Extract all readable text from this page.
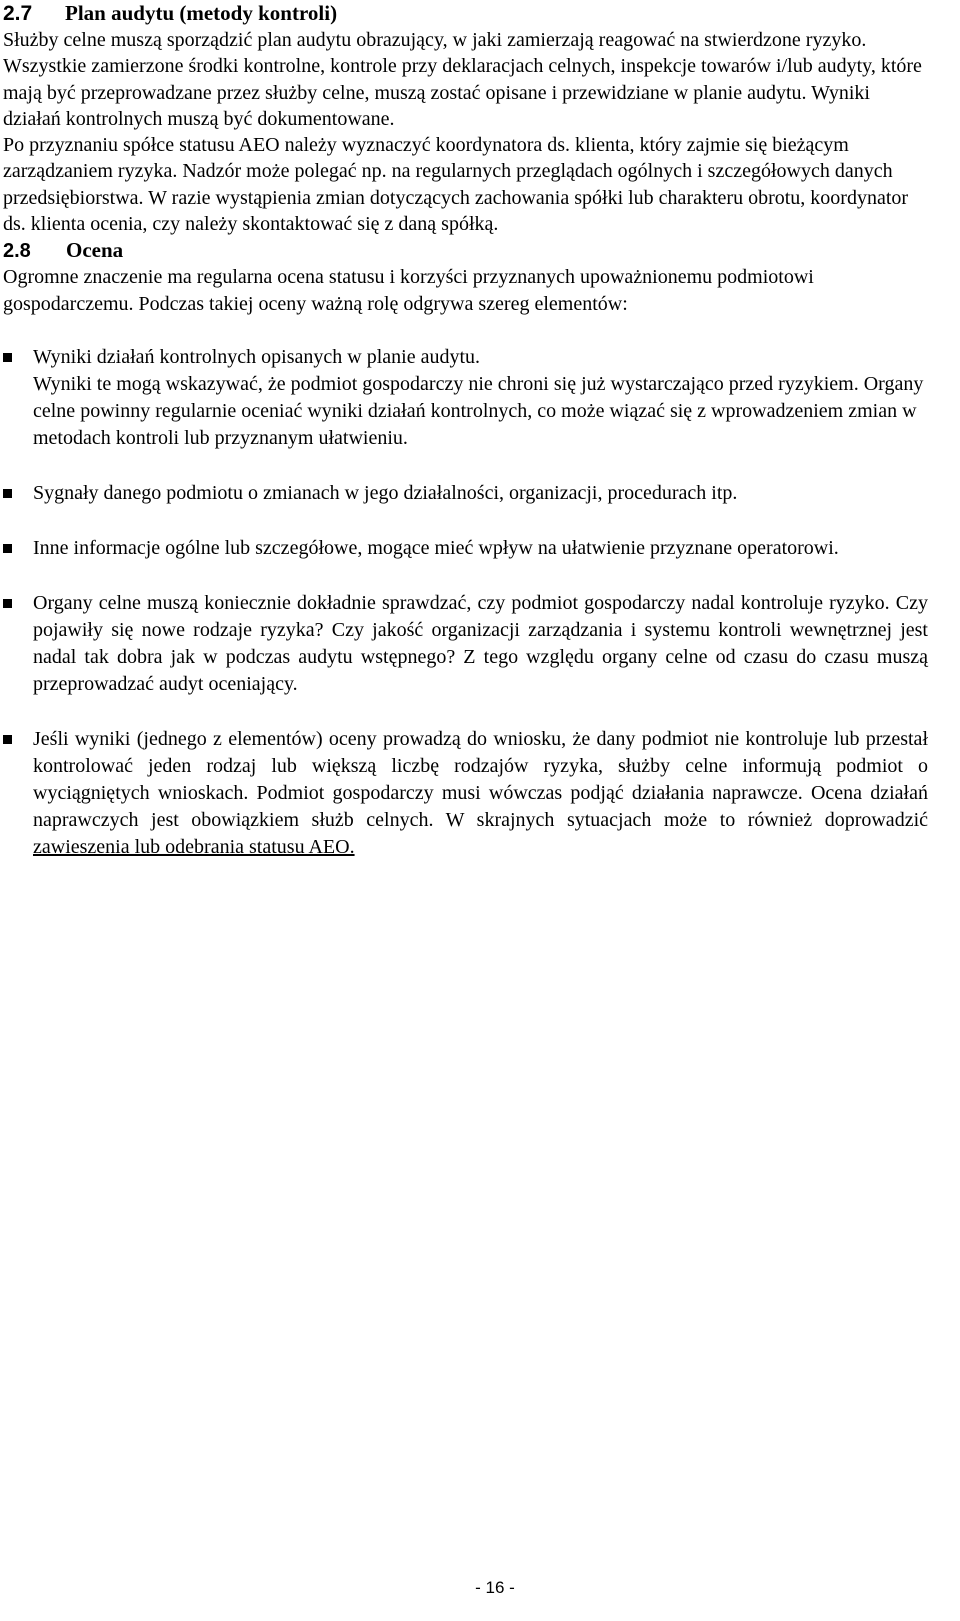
2.7 Plan audytu (metody kontroli)

Służby celne muszą sporządzić plan audytu obrazujący, w jaki zamierzają reagować na stwierdzone ryzyko. Wszystkie zamierzone środki kontrolne, kontrole przy deklaracjach celnych, inspekcje towarów i/lub audyty, które mają być przeprowadzane przez służby celne, muszą zostać opisane i przewidziane w planie audytu. Wyniki działań kontrolnych muszą być dokumentowane.

Po przyznaniu spółce statusu AEO należy wyznaczyć koordynatora ds. klienta, który zajmie się bieżącym zarządzaniem ryzyka. Nadzór może polegać np. na regularnych przeglądach ogólnych i szczegółowych danych przedsiębiorstwa. W razie wystąpienia zmian dotyczących zachowania spółki lub charakteru obrotu, koordynator ds. klienta ocenia, czy należy skontaktować się z daną spółką.

2.8 Ocena

Ogromne znaczenie ma regularna ocena statusu i korzyści przyznanych upoważnionemu podmiotowi gospodarczemu. Podczas takiej oceny ważną rolę odgrywa szereg elementów:

Wyniki działań kontrolnych opisanych w planie audytu.
Wyniki te mogą wskazywać, że podmiot gospodarczy nie chroni się już wystarczająco przed ryzykiem. Organy celne powinny regularnie oceniać wyniki działań kontrolnych, co może wiązać się z wprowadzeniem zmian w metodach kontroli lub przyznanym ułatwieniu.
Sygnały danego podmiotu o zmianach w jego działalności, organizacji, procedurach itp.
Inne informacje ogólne lub szczegółowe, mogące mieć wpływ na ułatwienie przyznane operatorowi.
Organy celne muszą koniecznie dokładnie sprawdzać, czy podmiot gospodarczy nadal kontroluje ryzyko. Czy pojawiły się nowe rodzaje ryzyka? Czy jakość organizacji zarządzania i systemu kontroli wewnętrznej jest nadal tak dobra jak w podczas audytu wstępnego? Z tego względu organy celne od czasu do czasu muszą przeprowadzać audyt oceniający.
Jeśli wyniki (jednego z elementów) oceny prowadzą do wniosku, że dany podmiot nie kontroluje lub przestał kontrolować jeden rodzaj lub większą liczbę rodzajów ryzyka, służby celne informują podmiot o wyciągniętych wnioskach. Podmiot gospodarczy musi wówczas podjąć działania naprawcze. Ocena działań naprawczych jest obowiązkiem służb celnych. W skrajnych sytuacjach może to również doprowadzić zawieszenia lub odebrania statusu AEO.
- 16 -
